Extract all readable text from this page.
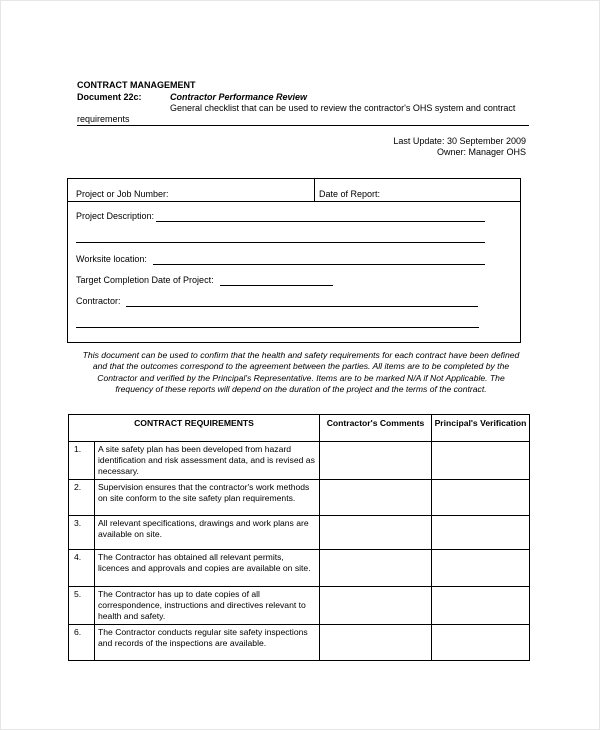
CONTRACT MANAGEMENT
Document 22c:	Contractor Performance Review
General checklist that can be used to review the contractor's OHS system and contract
requirements
Last Update: 30 September 2009
Owner: Manager OHS
Project or Job Number:	Date of Report:
Project Description:
Worksite location:
Target Completion Date of Project:
Contractor:
This document can be used to confirm that the health and safety requirements for each contract have been defined and that the outcomes correspond to the agreement between the parties. All items are to be completed by the Contractor and verified by the Principal's Representative. Items are to be marked N/A if Not Applicable. The frequency of these reports will depend on the duration of the project and the terms of the contract.
CONTRACT REQUIREMENTS		Contractor's Comments	Principal's Verification
1.	A site safety plan has been developed from hazard identification and risk assessment data, and is revised as necessary.		
2.	Supervision ensures that the contractor's work methods on site conform to the site safety plan requirements.		
3.	All relevant specifications, drawings and work plans are available on site.		
4.	The Contractor has obtained all relevant permits, licences and approvals and copies are available on site.		
5.	The Contractor has up to date copies of all correspondence, instructions and directives relevant to health and safety.		
6.	The Contractor conducts regular site safety inspections and records of the inspections are available.		
